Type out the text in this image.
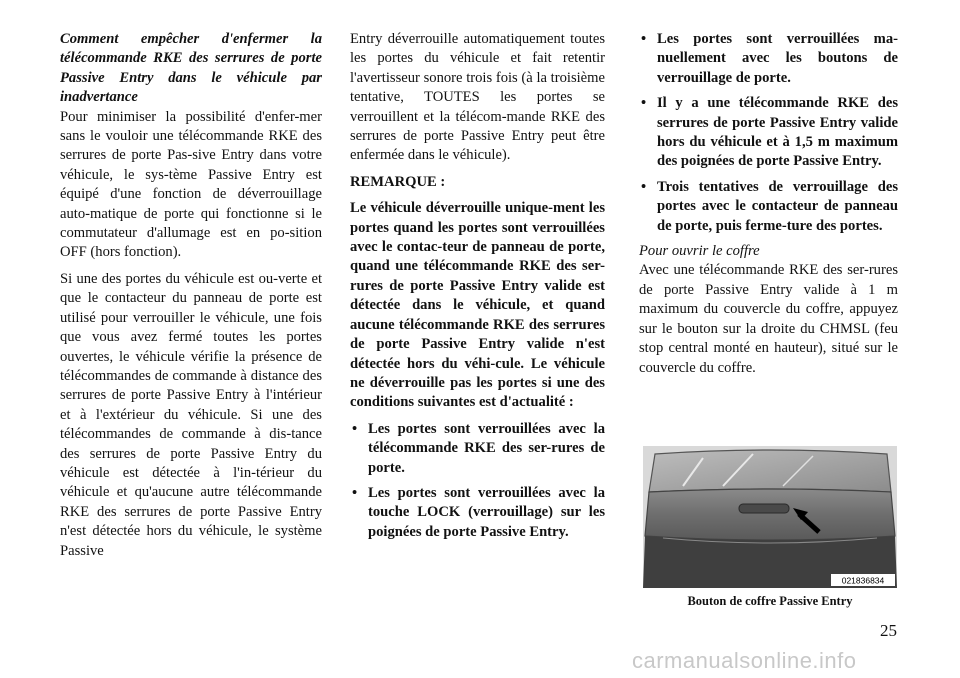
Comment empêcher d'enfermer la télécommande RKE des serrures de porte Passive Entry dans le véhicule par inadvertance

Pour minimiser la possibilité d'enfer-mer sans le vouloir une télécommande RKE des serrures de porte Pas-sive Entry dans votre véhicule, le sys-tème Passive Entry est équipé d'une fonction de déverrouillage auto-matique de porte qui fonctionne si le commutateur d'allumage est en po-sition OFF (hors fonction).

Si une des portes du véhicule est ou-verte et que le contacteur du panneau de porte est utilisé pour verrouiller le véhicule, une fois que vous avez fermé toutes les portes ouvertes, le véhicule vérifie la présence de télécommandes de commande à distance des serrures de porte Passive Entry à l'intérieur et à l'extérieur du véhicule. Si une des télécommandes de commande à dis-tance des serrures de porte Passive Entry du véhicule est détectée à l'in-térieur du véhicule et qu'aucune autre télécommande RKE des serrures de porte Passive Entry n'est détectée hors du véhicule, le système Passive

Entry déverrouille automatiquement toutes les portes du véhicule et fait retentir l'avertisseur sonore trois fois (à la troisième tentative, TOUTES les portes se verrouillent et la télécom-mande RKE des serrures de porte Passive Entry peut être enfermée dans le véhicule).

REMARQUE :

Le véhicule déverrouille unique-ment les portes quand les portes sont verrouillées avec le contac-teur de panneau de porte, quand une télécommande RKE des ser-rures de porte Passive Entry valide est détectée dans le véhicule, et quand aucune télécommande RKE des serrures de porte Passive Entry valide n'est détectée hors du véhi-cule. Le véhicule ne déverrouille pas les portes si une des conditions suivantes est d'actualité :

• Les portes sont verrouillées avec la télécommande RKE des ser-rures de porte.
• Les portes sont verrouillées avec la touche LOCK (verrouillage) sur les poignées de porte Passive Entry.
• Les portes sont verrouillées ma-nuellement avec les boutons de verrouillage de porte.
• Il y a une télécommande RKE des serrures de porte Passive Entry valide hors du véhicule et à 1,5 m maximum des poignées de porte Passive Entry.
• Trois tentatives de verrouillage des portes avec le contacteur de panneau de porte, puis ferme-ture des portes.

Pour ouvrir le coffre

Avec une télécommande RKE des ser-rures de porte Passive Entry valide à 1 m maximum du couvercle du coffre, appuyez sur le bouton sur la droite du CHMSL (feu stop central monté en hauteur), situé sur le couvercle du coffre.

021836834
Bouton de coffre Passive Entry
25
carmanualsonline.info
